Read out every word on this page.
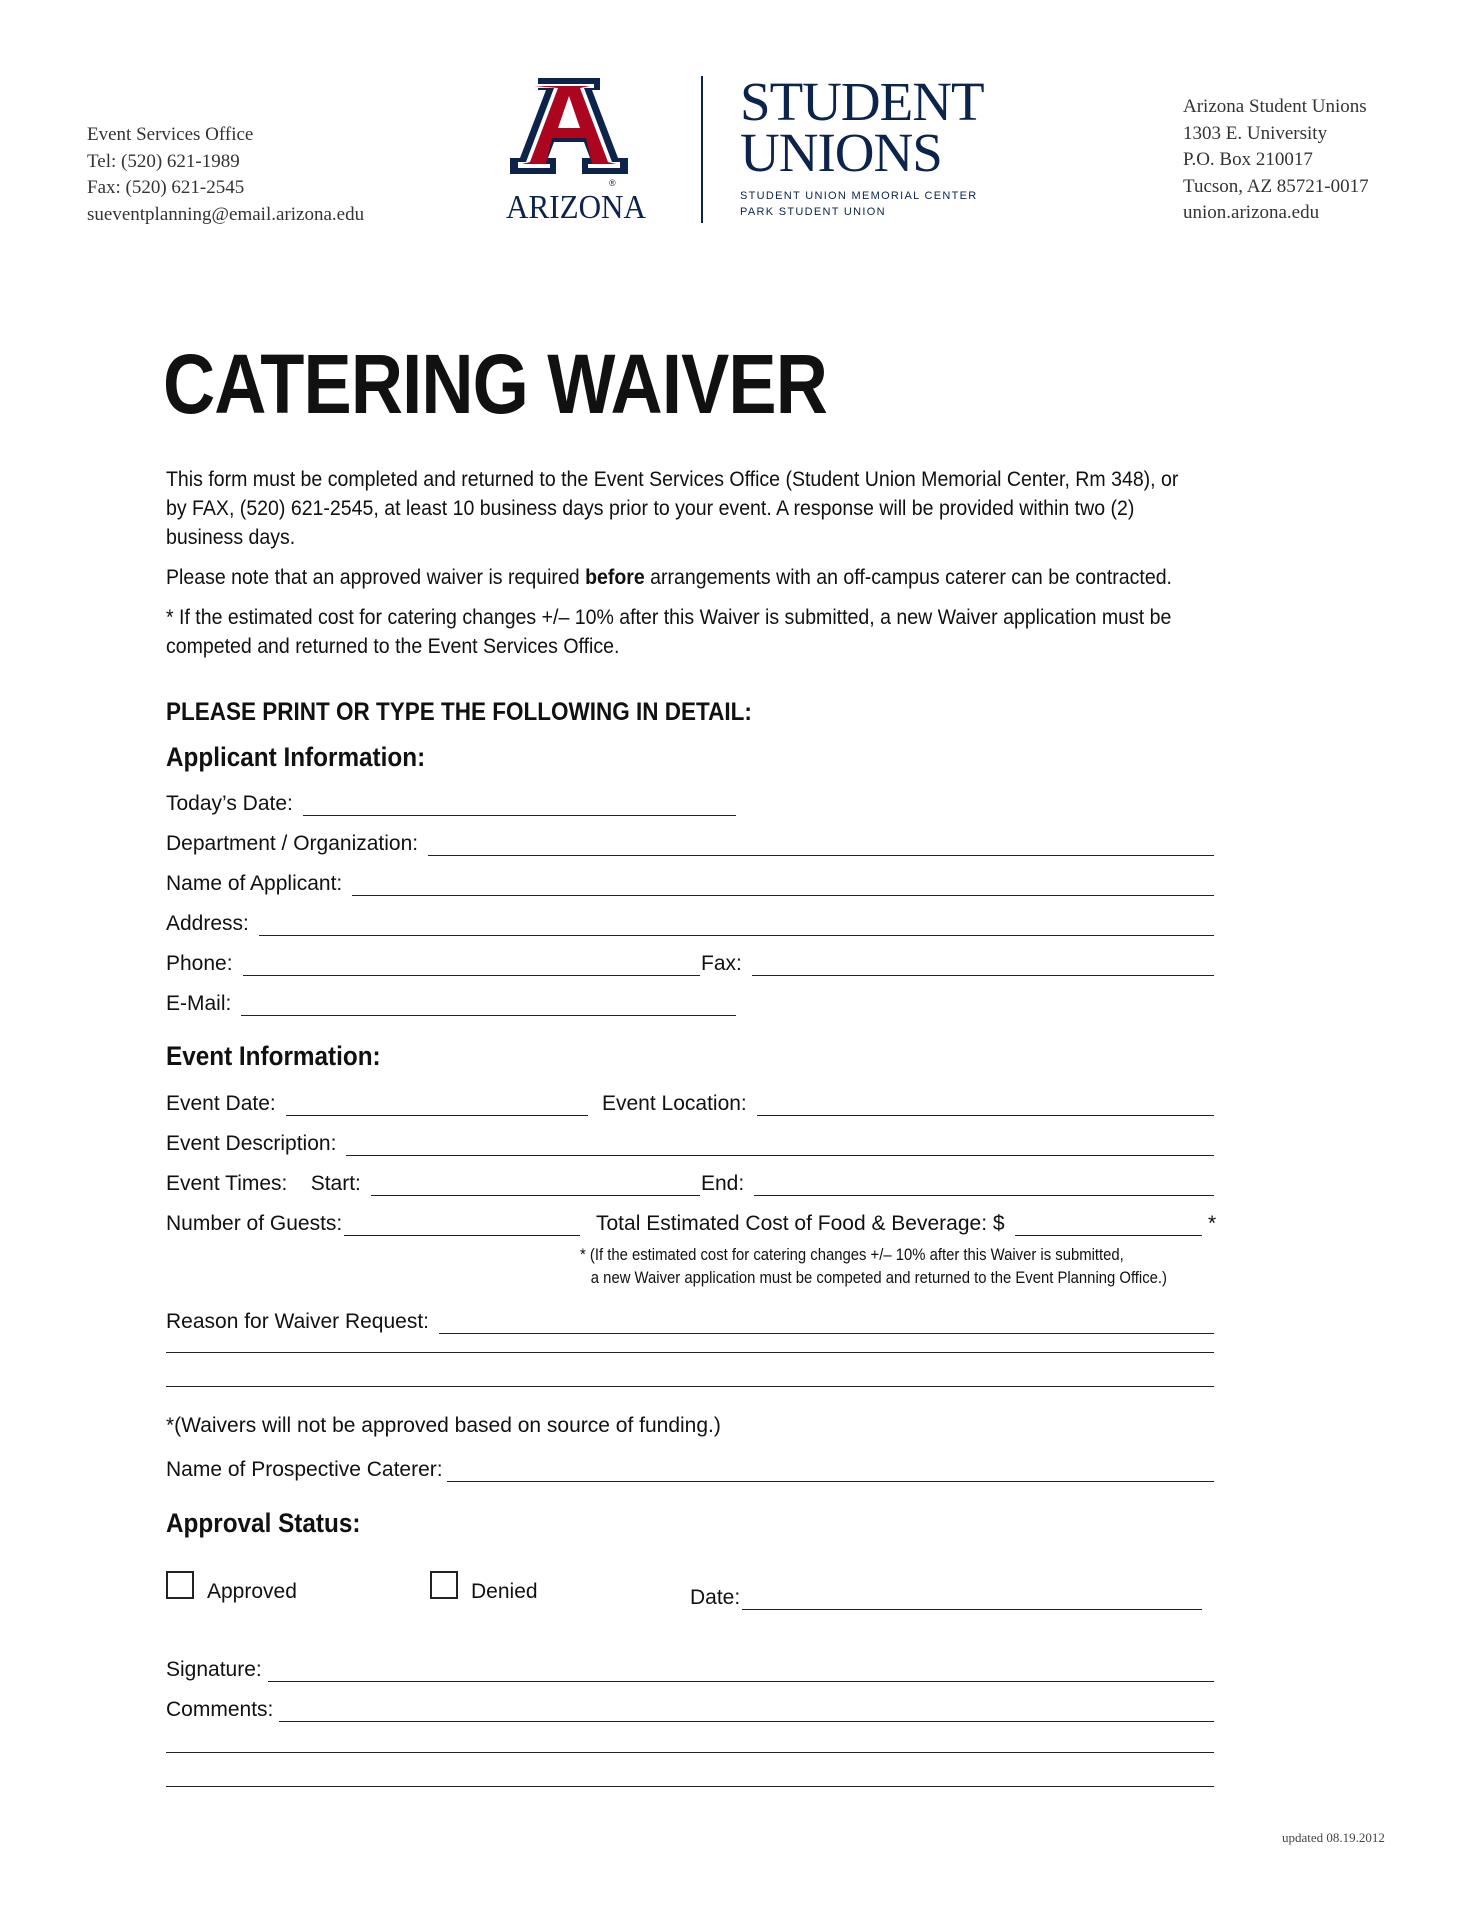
Event Services Office
Tel: (520) 621-1989
Fax: (520) 621-2545
sueventplanning@email.arizona.edu
®
ARIZONA
STUDENT
UNIONS
STUDENT UNION MEMORIAL CENTER
PARK STUDENT UNION
Arizona Student Unions
1303 E. University
P.O. Box 210017
Tucson, AZ 85721-0017
union.arizona.edu
CATERING WAIVER

This form must be completed and returned to the Event Services Office (Student Union Memorial Center, Rm 348), or by FAX, (520) 621-2545, at least 10 business days prior to your event. A response will be provided within two (2) business days.

Please note that an approved waiver is required before arrangements with an off-campus caterer can be contracted.

* If the estimated cost for catering changes +/– 10% after this Waiver is submitted, a new Waiver application must be competed and returned to the Event Services Office.

PLEASE PRINT OR TYPE THE FOLLOWING IN DETAIL:
Applicant Information:
Today’s Date:
Department / Organization:
Name of Applicant:
Address:
Phone:	Fax:
E-Mail:
Event Information:
Event Date:	Event Location:
Event Description:
Event Times:    Start:	End:
Number of Guests:	Total Estimated Cost of Food & Beverage: $	*
* (If the estimated cost for catering changes +/– 10% after this Waiver is submitted,
a new Waiver application must be competed and returned to the Event Planning Office.)
Reason for Waiver Request:
*(Waivers will not be approved based on source of funding.)
Name of Prospective Caterer:
Approval Status:
Approved	Denied	Date:
Signature:
Comments:
updated 08.19.2012
